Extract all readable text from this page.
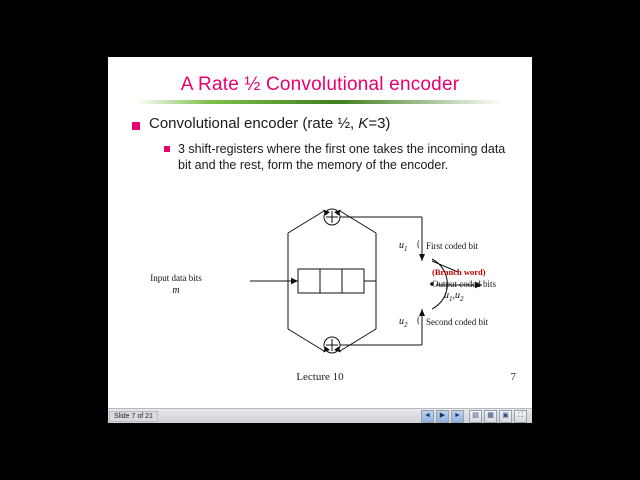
A Rate ½ Convolutional encoder
Convolutional encoder (rate ½, K=3)
3 shift-registers where the first one takes the incoming data bit and the rest, form the memory of the encoder.
Input data bits
m
$u_1$ { First coded bit
$u_2$ { Second coded bit
(Branch word)
Output coded bits
$u_1,u_2$
Lecture 10	7
Slide 7 of 21	◄	▶	►	▤	▦	▣	⛶
